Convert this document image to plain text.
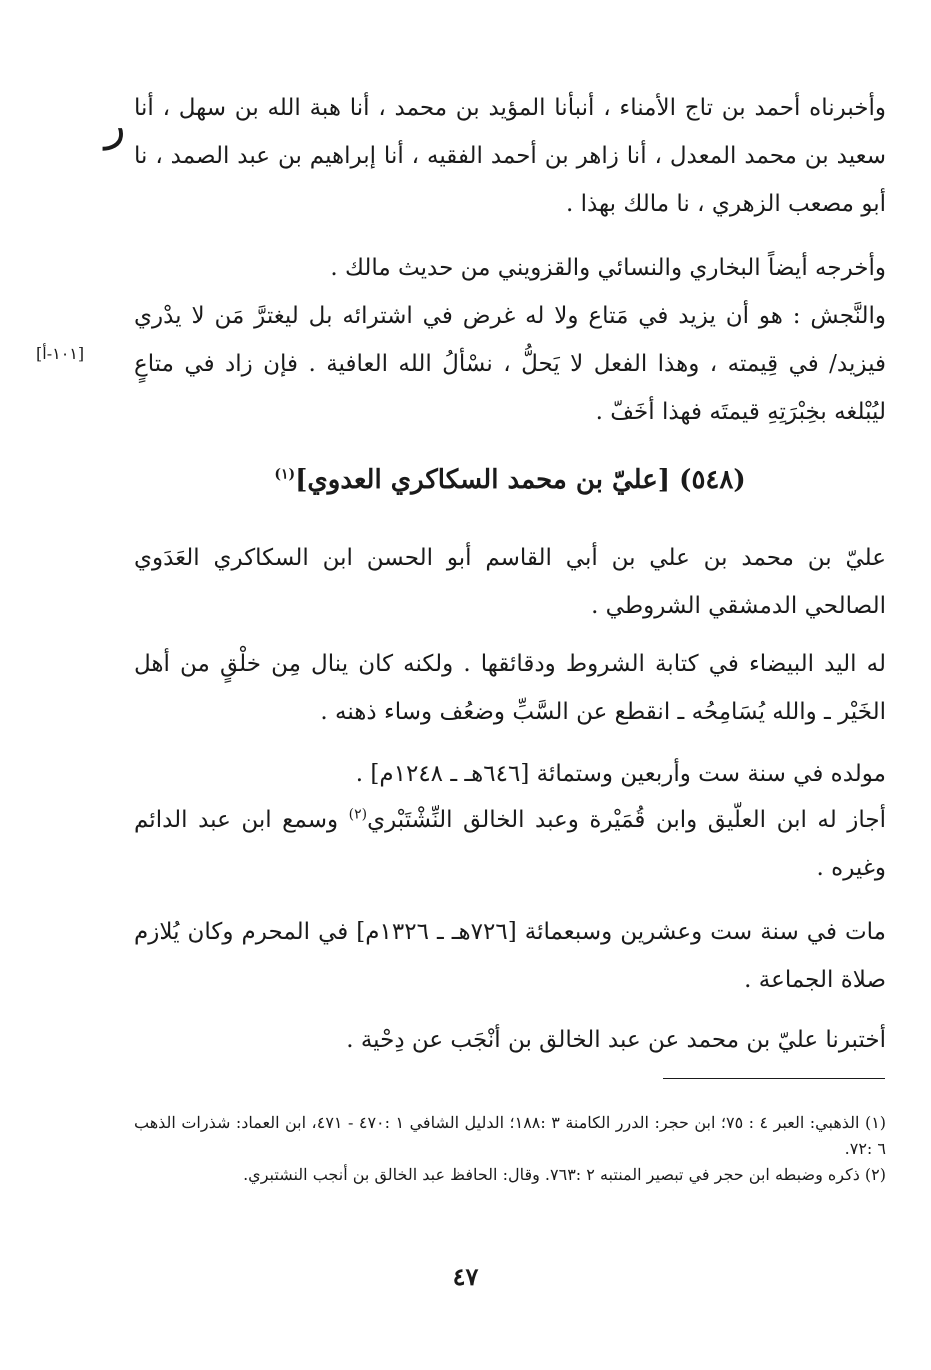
ر وأخبرناه أحمد بن تاج الأمناء ، أنبأنا المؤيد بن محمد ، أنا هبة الله بن سهل ، أنا سعيد بن محمد المعدل ، أنا زاهر بن أحمد الفقيه ، أنا إبراهيم بن عبد الصمد ، نا أبو مصعب الزهري ، نا مالك بهذا .

وأخرجه أيضاً البخاري والنسائي والقزويني من حديث مالك .

والنَّجش : هو أن يزيد في مَتاع ولا له غرض في اشترائه بل ليغترَّ مَن لا يدْري فيزيد/ في قِيمته ، وهذا الفعل لا يَحلُّ ، نسْألُ الله العافية . فإن زاد في متاعٍ ليُبْلغه بخِبْرَتِهِ قيمتَه فهذا أخَفّ .

[١٠١-أ]
(٥٤٨) [عليّ بن محمد السكاكري العدوي]$^{(١)}$

عليّ بن محمد بن علي بن أبي القاسم أبو الحسن ابن السكاكري العَدَوي الصالحي الدمشقي الشروطي .

له اليد البيضاء في كتابة الشروط ودقائقها . ولكنه كان ينال مِن خلْقٍ من أهل الخَيْر ـ والله يُسَامِحُه ـ انقطع عن السَّبِّ وضعُف وساء ذهنه .

مولده في سنة ست وأربعين وستمائة [٦٤٦هـ ـ ١٢٤٨م] .

أجاز له ابن العلّيق وابن قُمَيْرة وعبد الخالق النِّشْتَبْري$^{(٢)}$ وسمع ابن عبد الدائم وغيره .

مات في سنة ست وعشرين وسبعمائة [٧٢٦هـ ـ ١٣٢٦م] في المحرم وكان يُلازم صلاة الجماعة .

أختبرنا عليّ بن محمد عن عبد الخالق بن أنْجَب عن دِحْية .

(١) الذهبي: العبر ٤ : ٧٥؛ ابن حجر: الدرر الكامنة ٣ :١٨٨؛ الدليل الشافي ١ :٤٧٠ - ٤٧١، ابن العماد: شذرات الذهب ٦ :٧٢.

(٢) ذكره وضبطه ابن حجر في تبصير المنتبه ٢ :٧٦٣. وقال: الحافظ عبد الخالق بن أنجب النشتبري.

٤٧
